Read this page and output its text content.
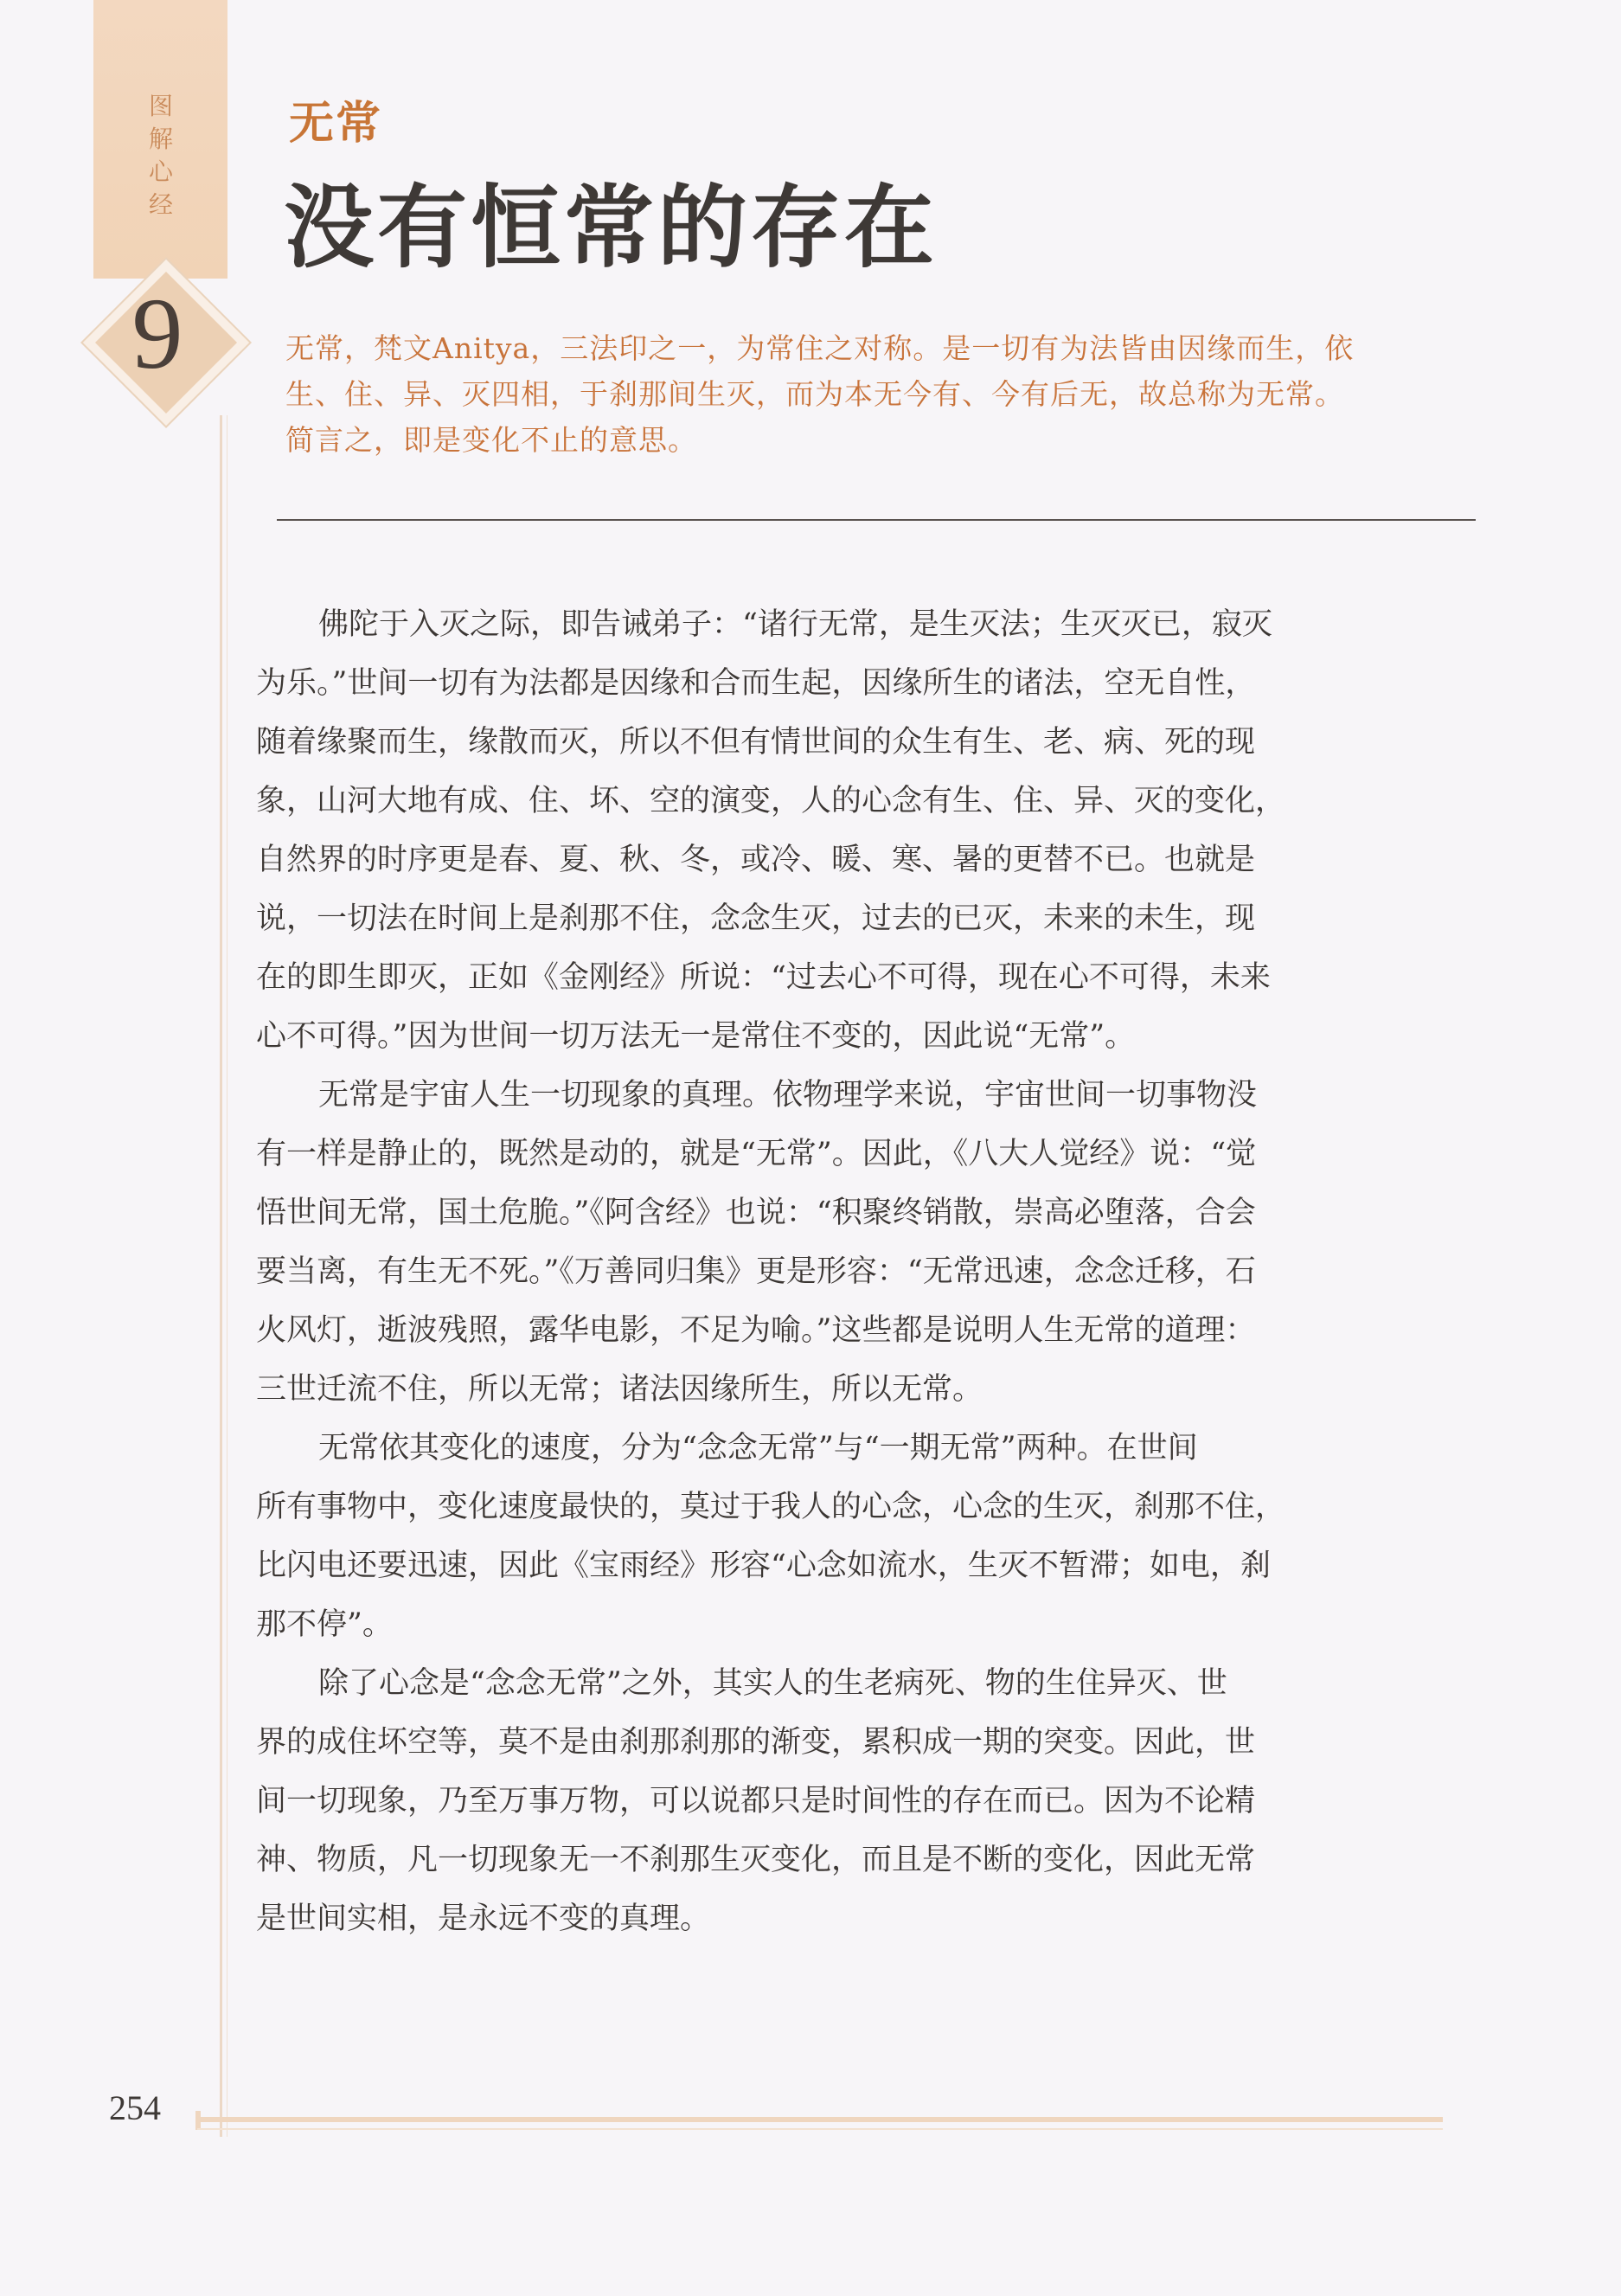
图
解
心
经
9
无常
没有恒常的存在

无常，梵文Anitya，三法印之一，为常住之对称。是一切有为法皆由因缘而生，依

生、住、异、灭四相，于刹那间生灭，而为本无今有、今有后无，故总称为无常。

简言之，即是变化不止的意思。

佛陀于入灭之际，即告诫弟子：“诸行无常，是生灭法；生灭灭已，寂灭
为乐。”世间一切有为法都是因缘和合而生起，因缘所生的诸法，空无自性，
随着缘聚而生，缘散而灭，所以不但有情世间的众生有生、老、病、死的现
象，山河大地有成、住、坏、空的演变，人的心念有生、住、异、灭的变化，
自然界的时序更是春、夏、秋、冬，或冷、暖、寒、暑的更替不已。也就是
说，一切法在时间上是刹那不住，念念生灭，过去的已灭，未来的未生，现
在的即生即灭，正如《金刚经》所说：“过去心不可得，现在心不可得，未来
心不可得。”因为世间一切万法无一是常住不变的，因此说“无常”。
无常是宇宙人生一切现象的真理。依物理学来说，宇宙世间一切事物没
有一样是静止的，既然是动的，就是“无常”。因此，《八大人觉经》说：“觉
悟世间无常，国土危脆。”《阿含经》也说：“积聚终销散，崇高必堕落，合会
要当离，有生无不死。”《万善同归集》更是形容：“无常迅速，念念迁移，石
火风灯，逝波残照，露华电影，不足为喻。”这些都是说明人生无常的道理：
三世迁流不住，所以无常；诸法因缘所生，所以无常。
无常依其变化的速度，分为“念念无常”与“一期无常”两种。在世间
所有事物中，变化速度最快的，莫过于我人的心念，心念的生灭，刹那不住，
比闪电还要迅速，因此《宝雨经》形容“心念如流水，生灭不暂滞；如电，刹
那不停”。
除了心念是“念念无常”之外，其实人的生老病死、物的生住异灭、世
界的成住坏空等，莫不是由刹那刹那的渐变，累积成一期的突变。因此，世
间一切现象，乃至万事万物，可以说都只是时间性的存在而已。因为不论精
神、物质，凡一切现象无一不刹那生灭变化，而且是不断的变化，因此无常
是世间实相，是永远不变的真理。
254
